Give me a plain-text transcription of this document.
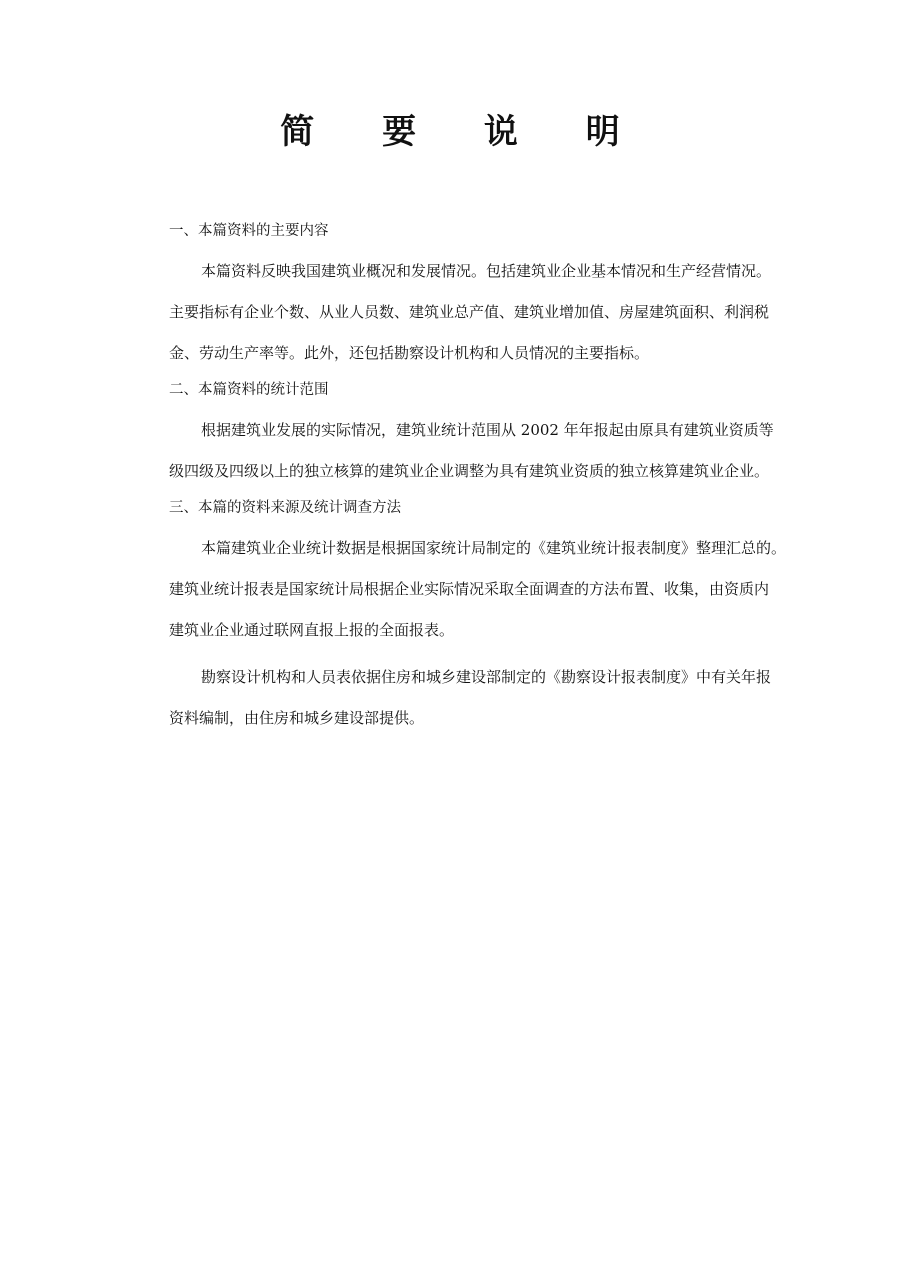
简 要 说 明
一、本篇资料的主要内容

本篇资料反映我国建筑业概况和发展情况。包括建筑业企业基本情况和生产经营情况。
主要指标有企业个数、从业人员数、建筑业总产值、建筑业增加值、房屋建筑面积、利润税
金、劳动生产率等。此外，还包括勘察设计机构和人员情况的主要指标。

二、本篇资料的统计范围

根据建筑业发展的实际情况，建筑业统计范围从 2002 年年报起由原具有建筑业资质等
级四级及四级以上的独立核算的建筑业企业调整为具有建筑业资质的独立核算建筑业企业。

三、本篇的资料来源及统计调查方法

本篇建筑业企业统计数据是根据国家统计局制定的《建筑业统计报表制度》整理汇总的。
建筑业统计报表是国家统计局根据企业实际情况采取全面调查的方法布置、收集，由资质内
建筑业企业通过联网直报上报的全面报表。

勘察设计机构和人员表依据住房和城乡建设部制定的《勘察设计报表制度》中有关年报
资料编制，由住房和城乡建设部提供。
